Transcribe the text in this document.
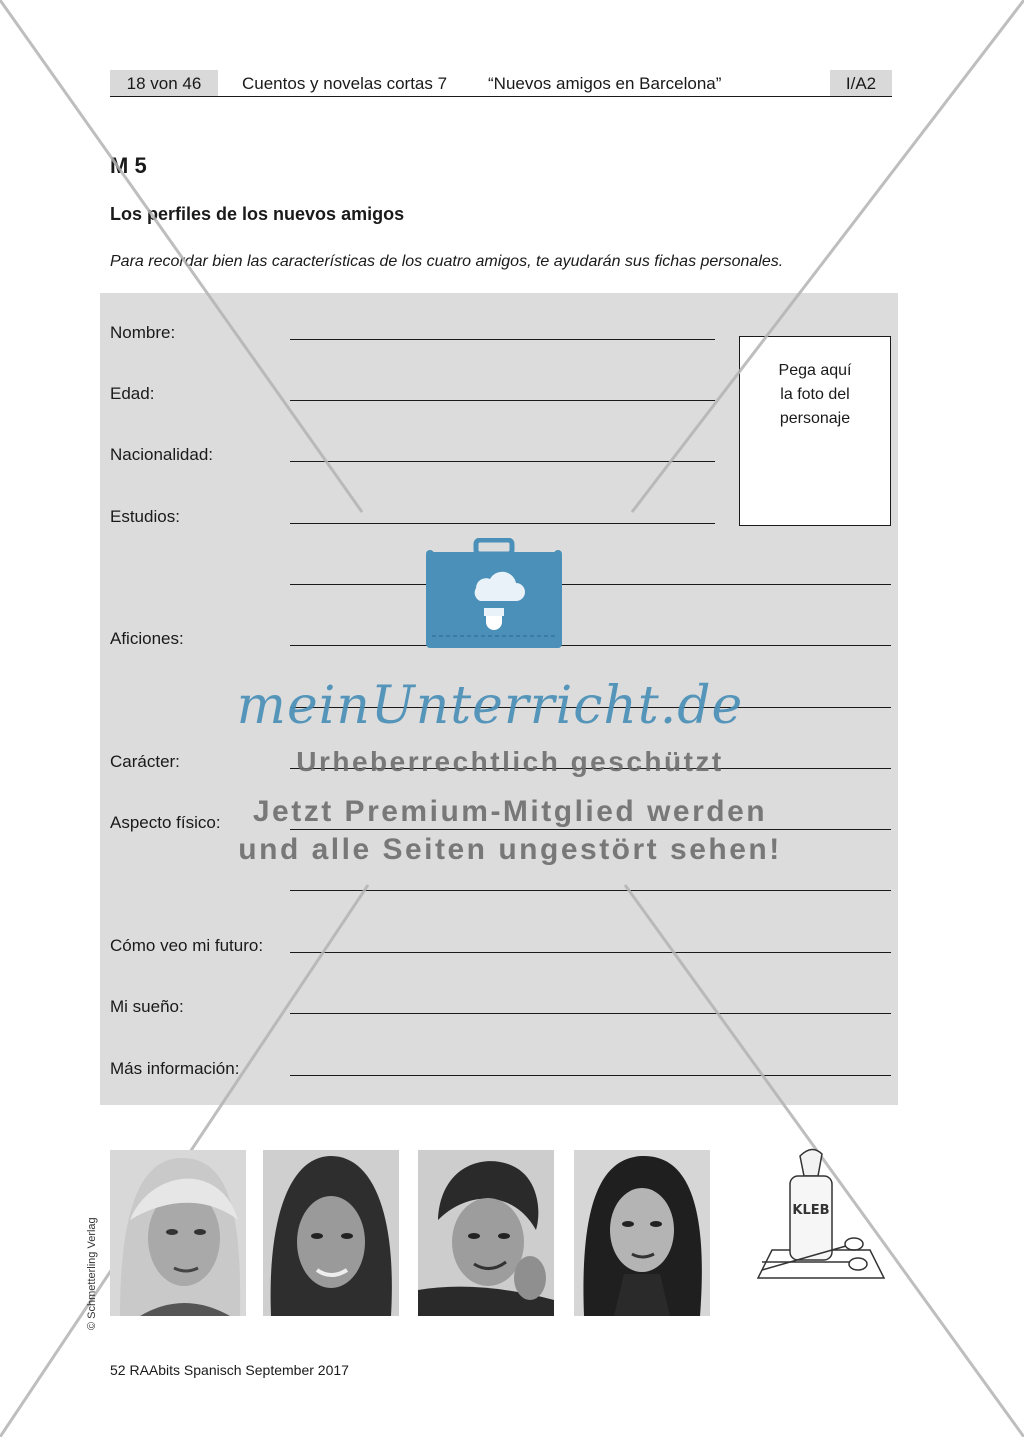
18 von 46	Cuentos y novelas cortas 7 “Nuevos amigos en Barcelona”	I/A2
M 5
Los perfiles de los nuevos amigos
Para recordar bien las características de los cuatro amigos, te ayudarán sus fichas personales.
Nombre:
Edad:
Nacionalidad:
Estudios:
Aficiones:
Carácter:
Aspecto físico:
Cómo veo mi futuro:
Mi sueño:
Más información:
Pega aquí
la foto del
personaje
meinUnterricht.de
Urheberrechtlich geschützt
Jetzt Premium-Mitglied werden
und alle Seiten ungestört sehen!
© Schmetterling Verlag
KLEB
52 RAAbits Spanisch September 2017
